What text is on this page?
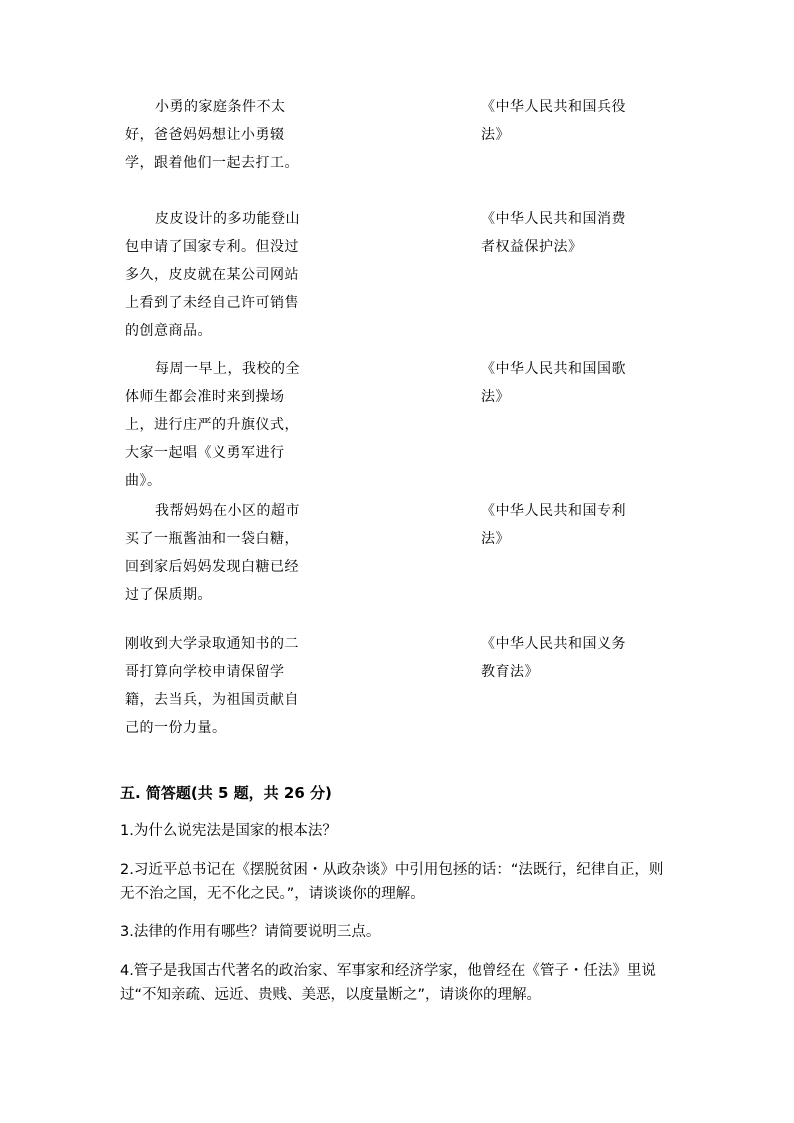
小勇的家庭条件不太好，爸爸妈妈想让小勇辍学，跟着他们一起去打工。
《中华人民共和国兵役法》
皮皮设计的多功能登山包申请了国家专利。但没过多久，皮皮就在某公司网站上看到了未经自己许可销售的创意商品。
《中华人民共和国消费者权益保护法》
每周一早上，我校的全体师生都会准时来到操场上，进行庄严的升旗仪式，大家一起唱《义勇军进行曲》。
《中华人民共和国国歌法》
我帮妈妈在小区的超市买了一瓶酱油和一袋白糖，回到家后妈妈发现白糖已经过了保质期。
《中华人民共和国专利法》
刚收到大学录取通知书的二哥打算向学校申请保留学籍，去当兵，为祖国贡献自己的一份力量。
《中华人民共和国义务教育法》
五. 简答题(共 5 题，共 26 分)
1.为什么说宪法是国家的根本法？
2.习近平总书记在《摆脱贫困・从政杂谈》中引用包拯的话：“法既行，纪律自正，则无不治之国，无不化之民。”，请谈谈你的理解。
3.法律的作用有哪些？请简要说明三点。
4.管子是我国古代著名的政治家、军事家和经济学家，他曾经在《管子・任法》里说过“不知亲疏、远近、贵贱、美恶，以度量断之”，请谈你的理解。
